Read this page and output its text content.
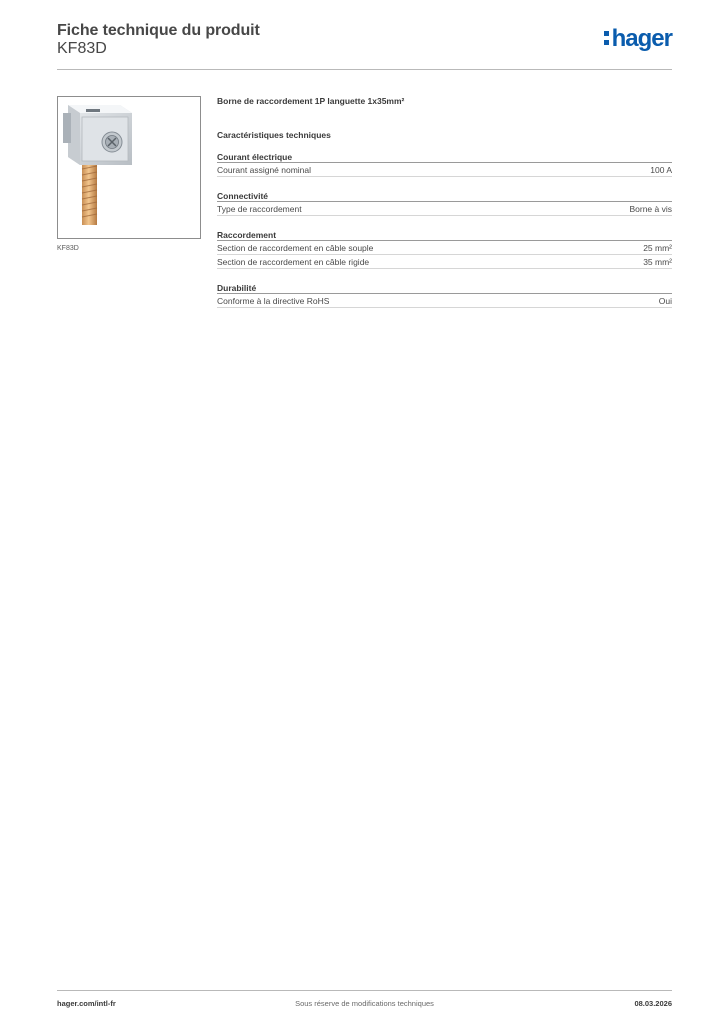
Fiche technique du produit
KF83D	hager
KF83D
Borne de raccordement 1P languette 1x35mm²
Caractéristiques techniques
Courant électrique
Courant assigné nominal	100 A
Connectivité
Type de raccordement	Borne à vis
Raccordement
Section de raccordement en câble souple	25 mm²
Section de raccordement en câble rigide	35 mm²
Durabilité
Conforme à la directive RoHS	Oui
hager.com/intl-fr	Sous réserve de modifications techniques	08.03.2026
